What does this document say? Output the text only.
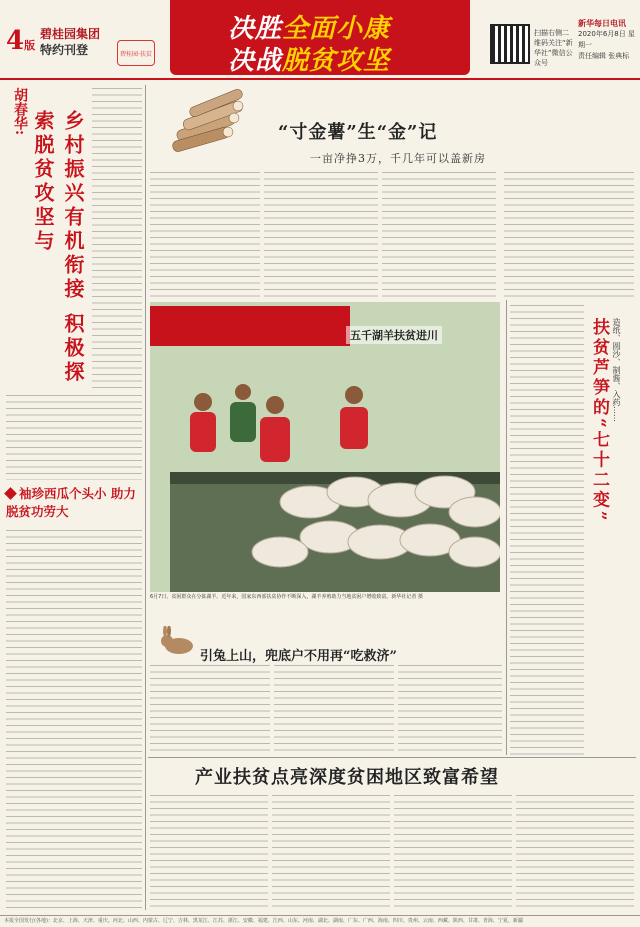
4版
碧桂园集团
特约刊登	碧桂园·扶贫
决胜全面小康
决战脱贫攻坚
扫描右侧二维码关注“新华社”微信公众号
新华每日电讯
2020年6月8日 星期一
责任编辑 张典标
胡春华:	乡村振兴有机衔接 积极探索脱贫攻坚与
袖珍西瓜个头小 助力脱贫功劳大
“寸金薯”生“金”记
一亩净挣3万，千几年可以盖新房
五千湖羊扶贫进川
6月7日，贫困群众在分拣湖羊。近年来，国家东西部扶贫协作不断深入，湖羊养殖助力当地贫困户增收致富。新华社记者 摄
引兔上山，兜底户不用再“吃救济”
扶贫芦笋的“七十二变” 造纸、圆沙、制酱、入药……
产业扶贫点亮深度贫困地区致富希望
本报全国发行(各地)：北京、上海、天津、重庆、河北、山西、内蒙古、辽宁、吉林、黑龙江、江苏、浙江、安徽、福建、江西、山东、河南、湖北、湖南、广东、广西、海南、四川、贵州、云南、西藏、陕西、甘肃、青海、宁夏、新疆
